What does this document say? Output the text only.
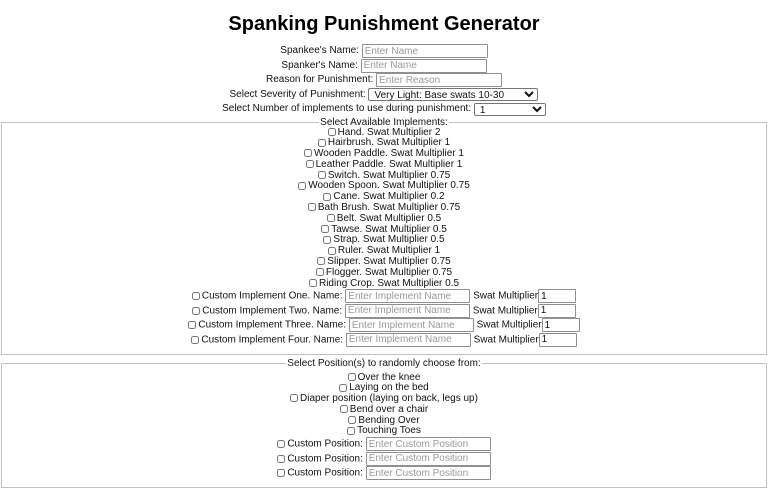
Spanking Punishment Generator
Spankee's Name: Enter Name
Spanker's Name: Enter Name
Reason for Punishment: Enter Reason
Select Severity of Punishment:
Very Light: Base swats 10-30
Select Number of implements to use during punishment:
1
Select Available Implements:
Hand. Swat Multiplier 2
Hairbrush. Swat Multiplier 1
Wooden Paddle. Swat Multiplier 1
Leather Paddle. Swat Multiplier 1
Switch. Swat Multiplier 0.75
Wooden Spoon. Swat Multiplier 0.75
Cane. Swat Multiplier 0.2
Bath Brush. Swat Multiplier 0.75
Belt. Swat Multiplier 0.5
Tawse. Swat Multiplier 0.5
Strap. Swat Multiplier 0.5
Ruler. Swat Multiplier 1
Slipper. Swat Multiplier 0.75
Flogger. Swat Multiplier 0.75
Riding Crop. Swat Multiplier 0.5
Custom Implement One. Name: Enter Implement Name	Swat Multiplier1
Custom Implement Two. Name: Enter Implement Name	Swat Multiplier1
Custom Implement Three. Name: Enter Implement Name	Swat Multiplier1
Custom Implement Four. Name: Enter Implement Name	Swat Multiplier1
Select Position(s) to randomly choose from:
Over the knee
Laying on the bed
Diaper position (laying on back, legs up)
Bend over a chair
Bending Over
Touching Toes
Custom Position: Enter Custom Position
Custom Position: Enter Custom Position
Custom Position: Enter Custom Position
